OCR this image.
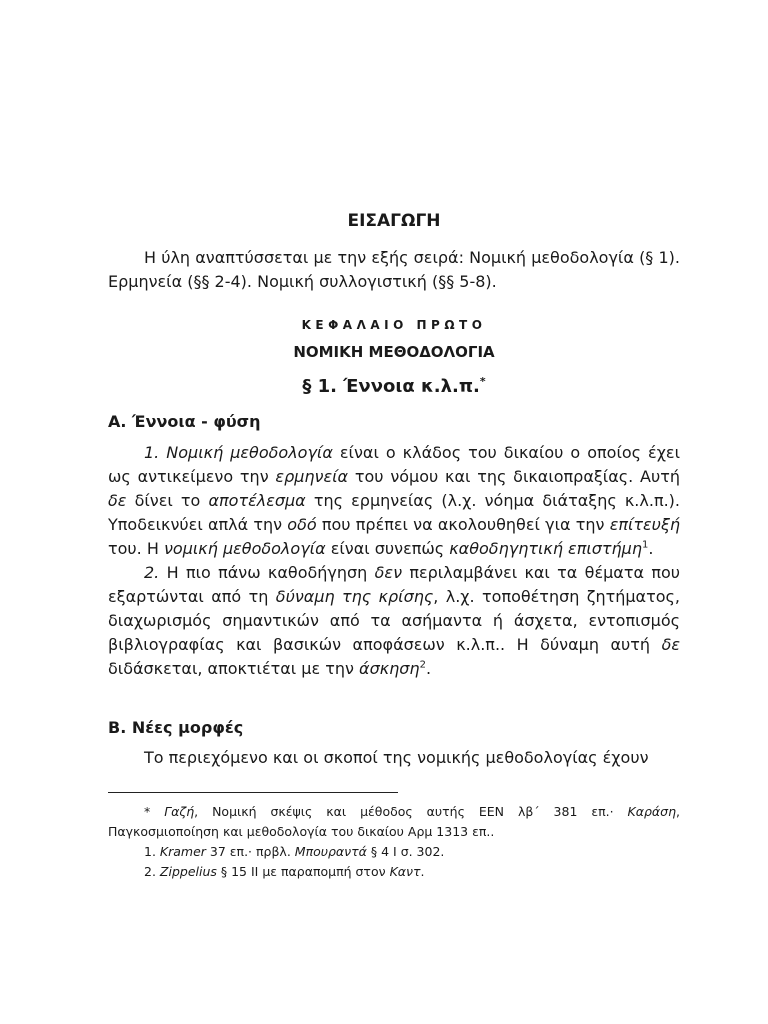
ΕΙΣΑΓΩΓΗ

Η ύλη αναπτύσσεται με την εξής σειρά: Νομική μεθοδολογία (§ 1). Ερμηνεία (§§ 2-4). Νομική συλλογιστική (§§ 5-8).

ΚΕΦΑΛΑΙΟ ΠΡΩΤΟ
ΝΟΜΙΚΗ ΜΕΘΟΔΟΛΟΓΙΑ
§ 1. Έννοια κ.λ.π.*
Α. Έννοια - φύση

1. Νομική μεθοδολογία είναι ο κλάδος του δικαίου ο οποίος έχει ως αντικείμενο την ερμηνεία του νόμου και της δικαιοπραξίας. Αυτή δε δίνει το αποτέλεσμα της ερμηνείας (λ.χ. νόημα διάταξης κ.λ.π.). Υποδεικνύει απλά την οδό που πρέπει να ακολουθηθεί για την επίτευξή του. Η νομική μεθοδολογία είναι συνεπώς καθοδηγητική επιστήμη$^1$.

2. Η πιο πάνω καθοδήγηση δεν περιλαμβάνει και τα θέματα που εξαρτώνται από τη δύναμη της κρίσης, λ.χ. τοποθέτηση ζητήματος, διαχωρισμός σημαντικών από τα ασήμαντα ή άσχετα, εντοπισμός βιβλιογραφίας και βασικών αποφάσεων κ.λ.π.. Η δύναμη αυτή δε διδάσκεται, αποκτιέται με την άσκηση$^2$.

Β. Νέες μορφές

Το περιεχόμενο και οι σκοποί της νομικής μεθοδολογίας έχουν

* Γαζή, Νομική σκέψις και μέθοδος αυτής ΕΕΝ λβ΄ 381 επ.· Καράση, Παγκοσμιοποίηση και μεθοδολογία του δικαίου Αρμ 1313 επ..

1. Kramer 37 επ.· πρβλ. Μπουραντά § 4 Ι σ. 302.

2. Zippelius § 15 ΙΙ με παραπομπή στον Καντ.
